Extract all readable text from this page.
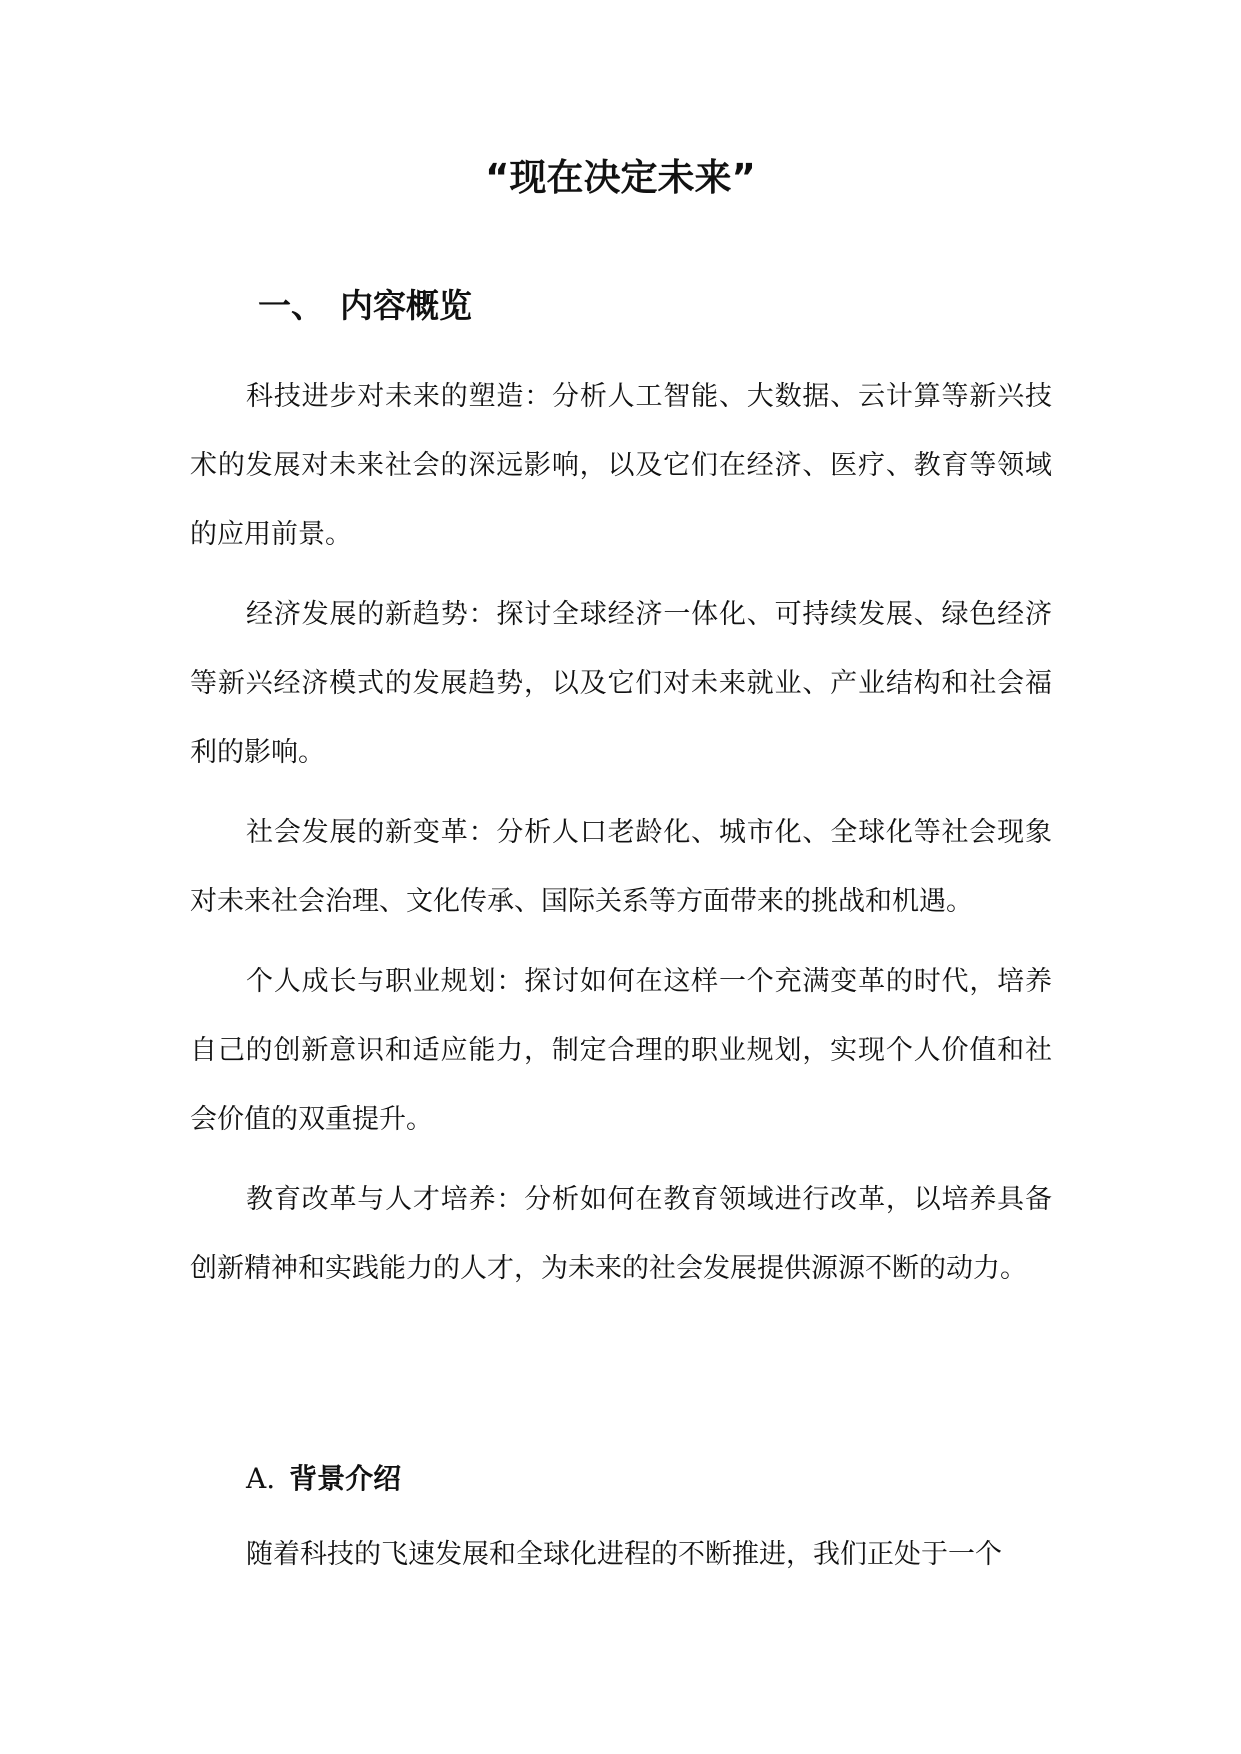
“现在决定未来”
一、 内容概览

科技进步对未来的塑造：分析人工智能、大数据、云计算等新兴技术的发展对未来社会的深远影响，以及它们在经济、医疗、教育等领域的应用前景。

经济发展的新趋势：探讨全球经济一体化、可持续发展、绿色经济等新兴经济模式的发展趋势，以及它们对未来就业、产业结构和社会福利的影响。

社会发展的新变革：分析人口老龄化、城市化、全球化等社会现象对未来社会治理、文化传承、国际关系等方面带来的挑战和机遇。

个人成长与职业规划：探讨如何在这样一个充满变革的时代，培养自己的创新意识和适应能力，制定合理的职业规划，实现个人价值和社会价值的双重提升。

教育改革与人才培养：分析如何在教育领域进行改革，以培养具备创新精神和实践能力的人才，为未来的社会发展提供源源不断的动力。

A. 背景介绍

随着科技的飞速发展和全球化进程的不断推进，我们正处于一个
